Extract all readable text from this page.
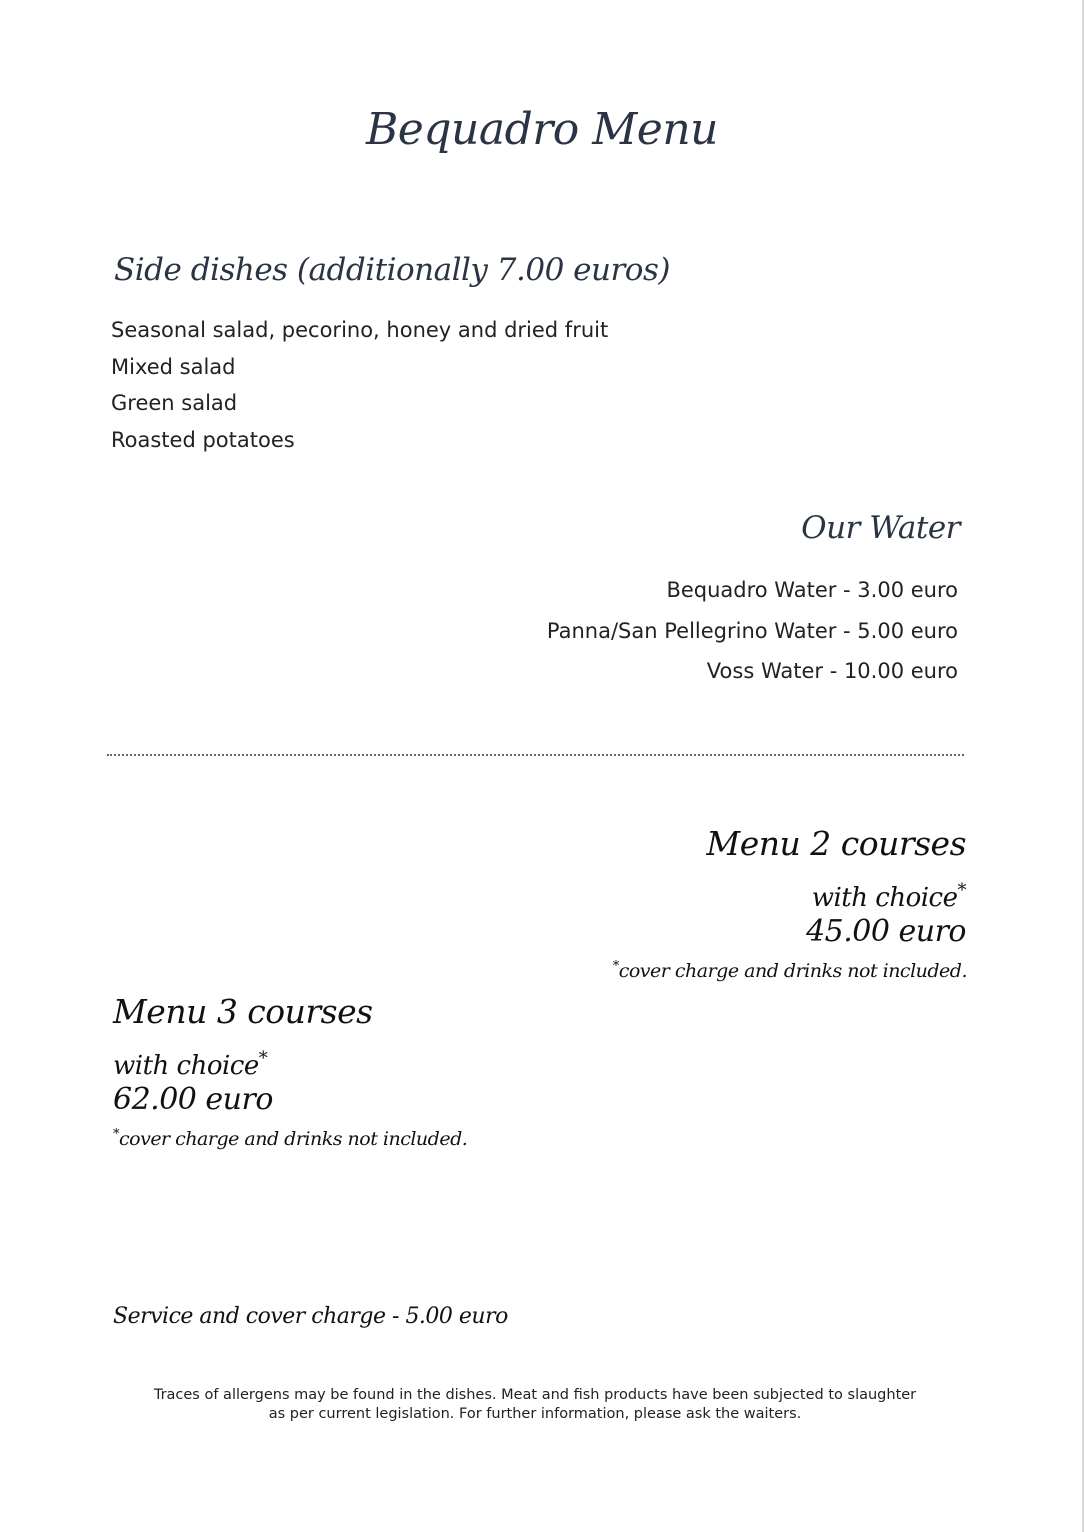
Bequadro Menu
Side dishes (additionally 7.00 euros)
Seasonal salad, pecorino, honey and dried fruit
Mixed salad
Green salad
Roasted potatoes
Our Water
Bequadro Water - 3.00 euro
Panna/San Pellegrino Water - 5.00 euro
Voss Water - 10.00 euro
Menu 2 courses
with choice*
45.00 euro
*cover charge and drinks not included.
Menu 3 courses
with choice*
62.00 euro
*cover charge and drinks not included.
Service and cover charge - 5.00 euro
Traces of allergens may be found in the dishes. Meat and fish products have been subjected to slaughter
as per current legislation. For further information, please ask the waiters.
